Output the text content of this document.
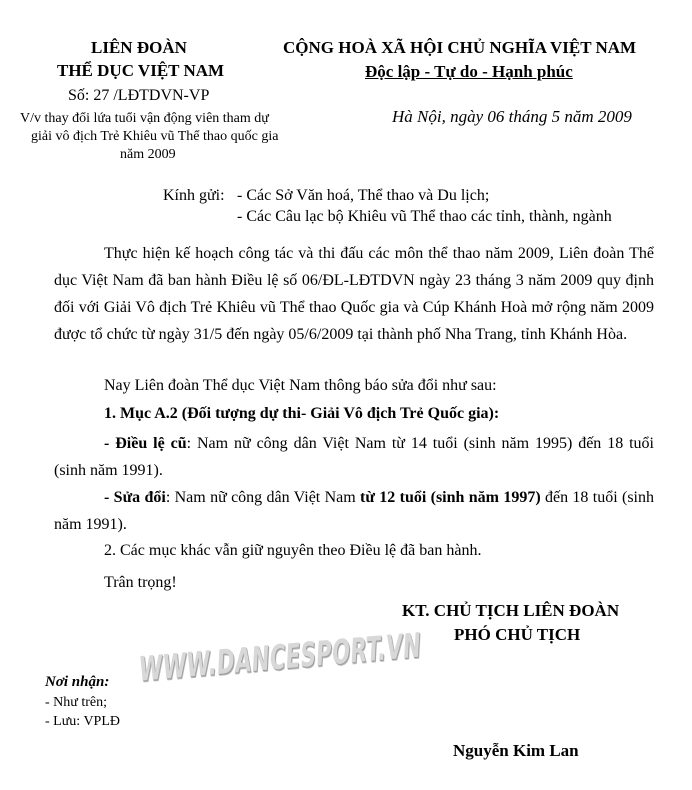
LIÊN ĐOÀN
THỂ DỤC VIỆT NAM
Số: 27 /LĐTDVN-VP
V/v thay đổi lứa tuổi vận động viên tham dự
giải vô địch Trẻ Khiêu vũ Thể thao quốc gia
năm 2009
CỘNG HOÀ XÃ HỘI CHỦ NGHĨA VIỆT NAM
Độc lập - Tự do - Hạnh phúc
Hà Nội, ngày 06 tháng 5 năm 2009
Kính gửi: - Các Sở Văn hoá, Thể thao và Du lịch;
- Các Câu lạc bộ Khiêu vũ Thể thao các tỉnh, thành, ngành
Thực hiện kế hoạch công tác và thi đấu các môn thể thao năm 2009, Liên đoàn Thể dục Việt Nam đã ban hành Điều lệ số 06/ĐL-LĐTDVN ngày 23 tháng 3 năm 2009 quy định đối với Giải Vô địch Trẻ Khiêu vũ Thể thao Quốc gia và Cúp Khánh Hoà mở rộng năm 2009 được tổ chức từ ngày 31/5 đến ngày 05/6/2009 tại thành phố Nha Trang, tỉnh Khánh Hòa.
Nay Liên đoàn Thể dục Việt Nam thông báo sửa đổi như sau:
1. Mục A.2 (Đối tượng dự thi- Giải Vô địch Trẻ Quốc gia):
- Điều lệ cũ: Nam nữ công dân Việt Nam từ 14 tuổi (sinh năm 1995) đến 18 tuổi (sinh năm 1991).
- Sửa đổi: Nam nữ công dân Việt Nam từ 12 tuổi (sinh năm 1997) đến 18 tuổi (sinh năm 1991).
2. Các mục khác vẫn giữ nguyên theo Điều lệ đã ban hành.
Trân trọng!
KT. CHỦ TỊCH LIÊN ĐOÀN
PHÓ CHỦ TỊCH
Nguyễn Kim Lan
Nơi nhận:
- Như trên;
- Lưu: VPLĐ
WWW.DANCESPORT.VN
